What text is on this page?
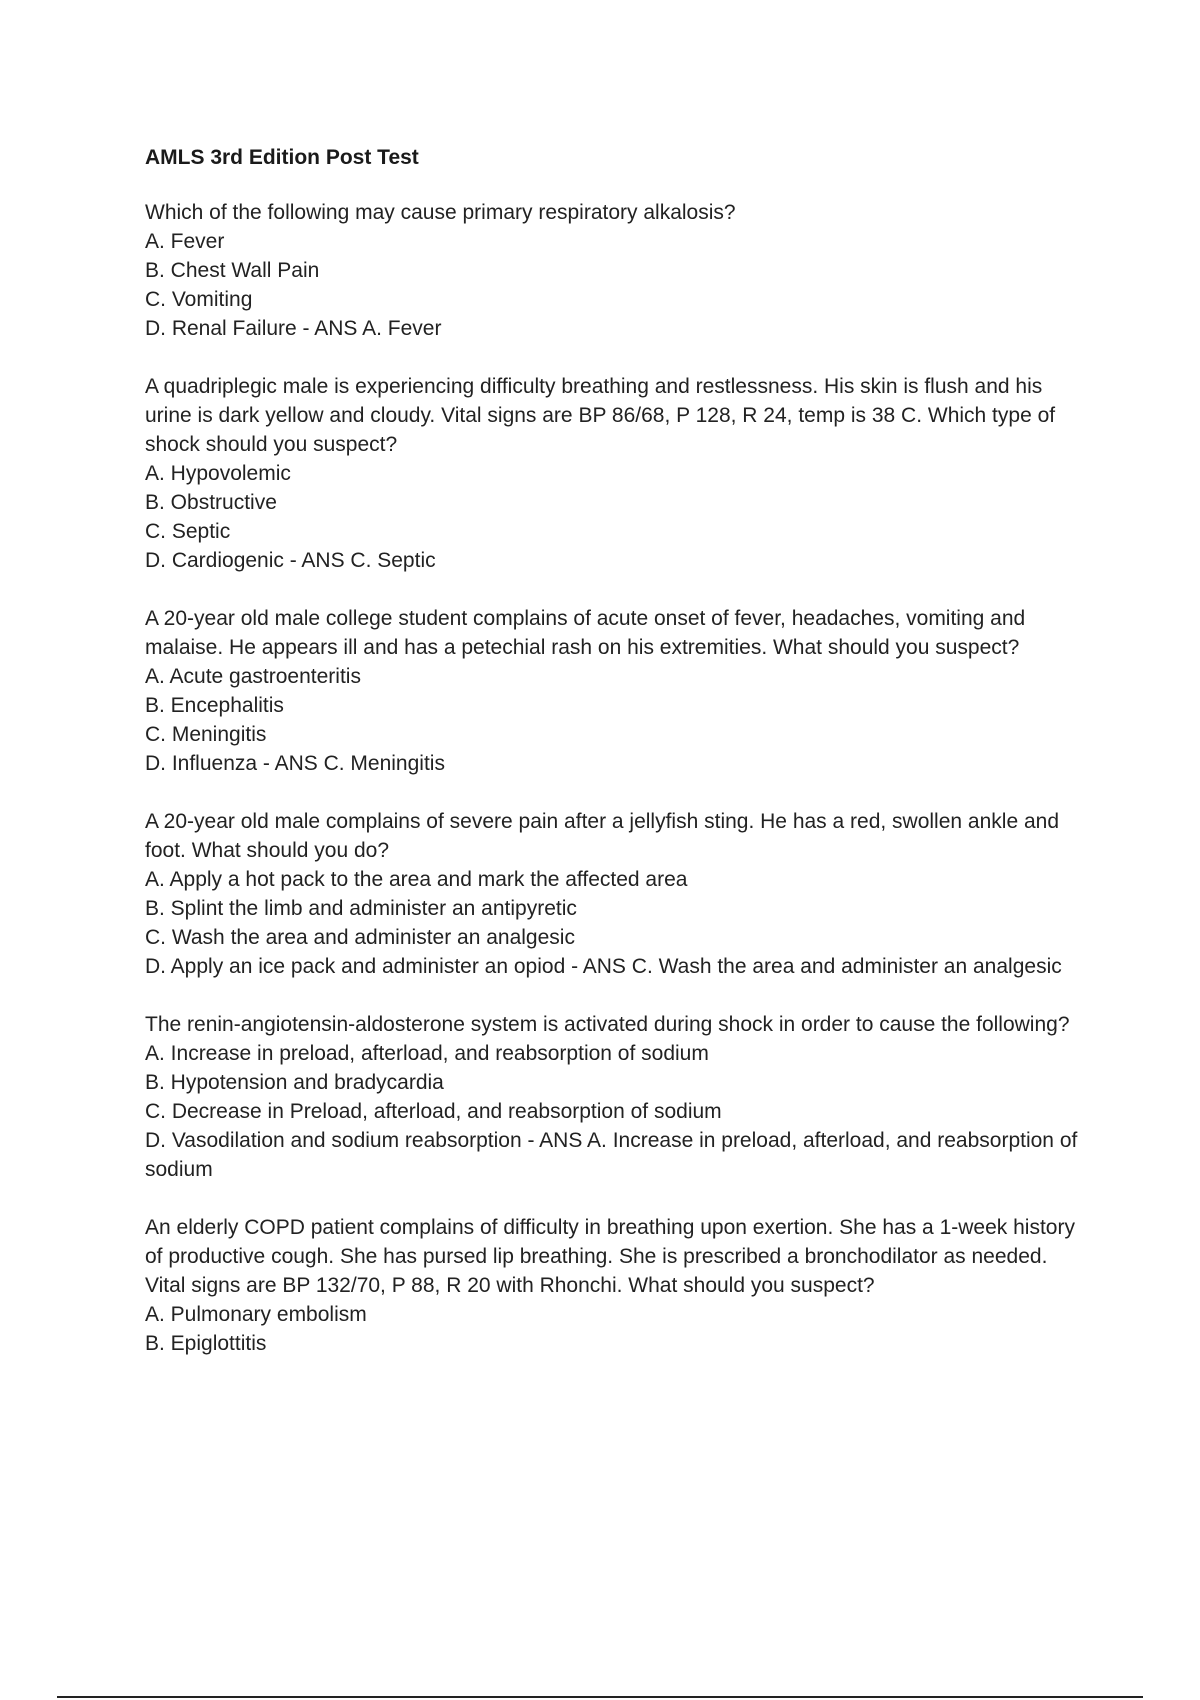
AMLS 3rd Edition Post Test
Which of the following may cause primary respiratory alkalosis?
A. Fever
B. Chest Wall Pain
C. Vomiting
D. Renal Failure - ANS A. Fever
A quadriplegic male is experiencing difficulty breathing and restlessness. His skin is flush and his urine is dark yellow and cloudy. Vital signs are BP 86/68, P 128, R 24, temp is 38 C. Which type of shock should you suspect?
A. Hypovolemic
B. Obstructive
C. Septic
D. Cardiogenic - ANS C. Septic
A 20-year old male college student complains of acute onset of fever, headaches, vomiting and malaise. He appears ill and has a petechial rash on his extremities. What should you suspect?
A. Acute gastroenteritis
B. Encephalitis
C. Meningitis
D. Influenza - ANS C. Meningitis
A 20-year old male complains of severe pain after a jellyfish sting. He has a red, swollen ankle and foot. What should you do?
A. Apply a hot pack to the area and mark the affected area
B. Splint the limb and administer an antipyretic
C. Wash the area and administer an analgesic
D. Apply an ice pack and administer an opiod - ANS C. Wash the area and administer an analgesic
The renin-angiotensin-aldosterone system is activated during shock in order to cause the following?
A. Increase in preload, afterload, and reabsorption of sodium
B. Hypotension and bradycardia
C. Decrease in Preload, afterload, and reabsorption of sodium
D. Vasodilation and sodium reabsorption - ANS A. Increase in preload, afterload, and reabsorption of sodium
An elderly COPD patient complains of difficulty in breathing upon exertion. She has a 1-week history of productive cough. She has pursed lip breathing. She is prescribed a bronchodilator as needed. Vital signs are BP 132/70, P 88, R 20 with Rhonchi. What should you suspect?
A. Pulmonary embolism
B. Epiglottitis
